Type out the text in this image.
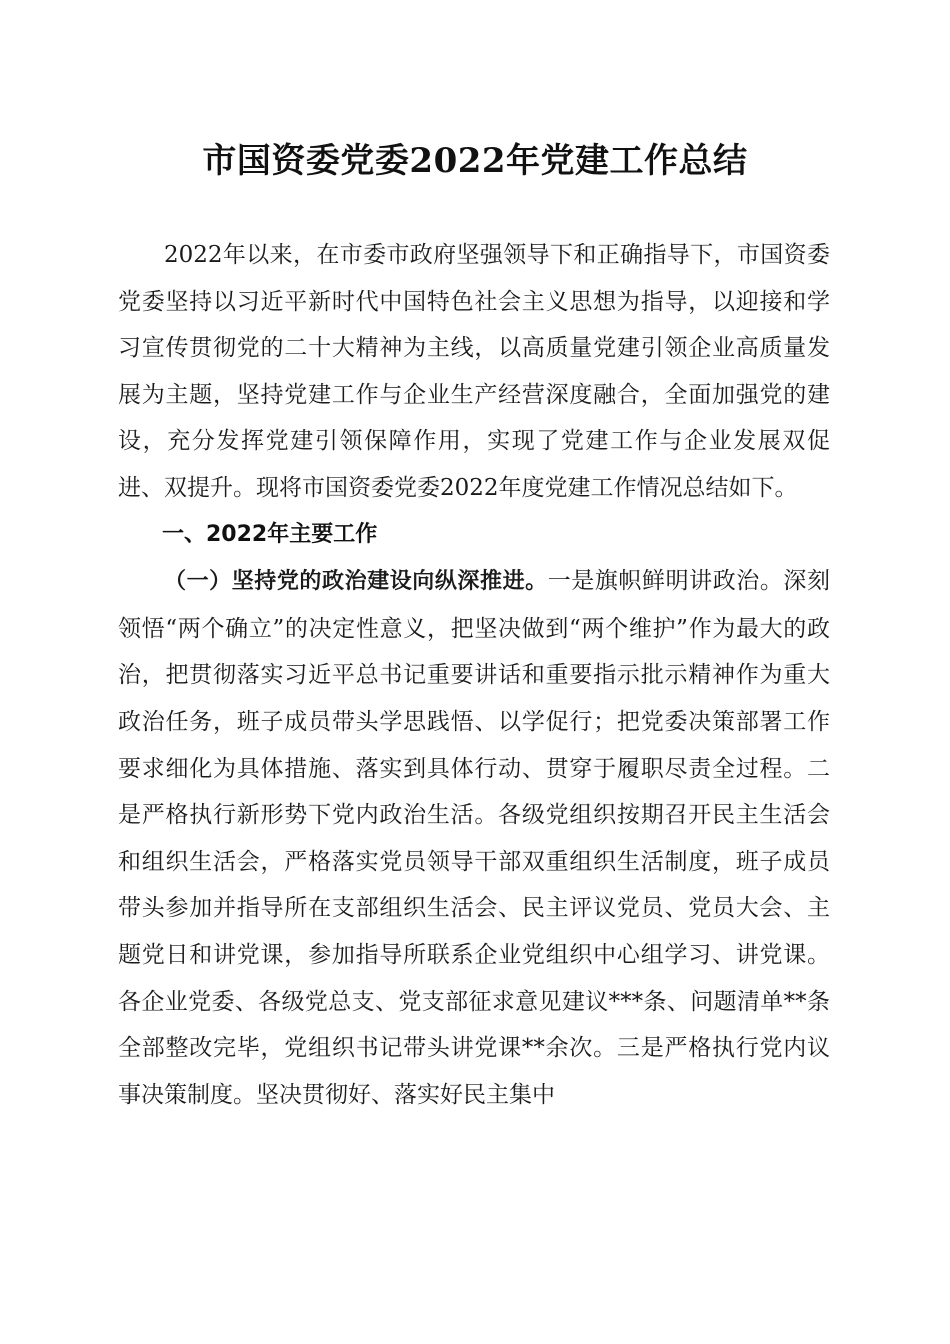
市国资委党委2022年党建工作总结

2022年以来，在市委市政府坚强领导下和正确指导下，市国资委党委坚持以习近平新时代中国特色社会主义思想为指导，以迎接和学习宣传贯彻党的二十大精神为主线，以高质量党建引领企业高质量发展为主题，坚持党建工作与企业生产经营深度融合，全面加强党的建设，充分发挥党建引领保障作用，实现了党建工作与企业发展双促进、双提升。现将市国资委党委2022年度党建工作情况总结如下。

一、2022年主要工作

（一）坚持党的政治建设向纵深推进。一是旗帜鲜明讲政治。深刻领悟“两个确立”的决定性意义，把坚决做到“两个维护”作为最大的政治，把贯彻落实习近平总书记重要讲话和重要指示批示精神作为重大政治任务，班子成员带头学思践悟、以学促行；把党委决策部署工作要求细化为具体措施、落实到具体行动、贯穿于履职尽责全过程。二是严格执行新形势下党内政治生活。各级党组织按期召开民主生活会和组织生活会，严格落实党员领导干部双重组织生活制度，班子成员带头参加并指导所在支部组织生活会、民主评议党员、党员大会、主题党日和讲党课，参加指导所联系企业党组织中心组学习、讲党课。各企业党委、各级党总支、党支部征求意见建议***条、问题清单**条全部整改完毕，党组织书记带头讲党课**余次。三是严格执行党内议事决策制度。坚决贯彻好、落实好民主集中
